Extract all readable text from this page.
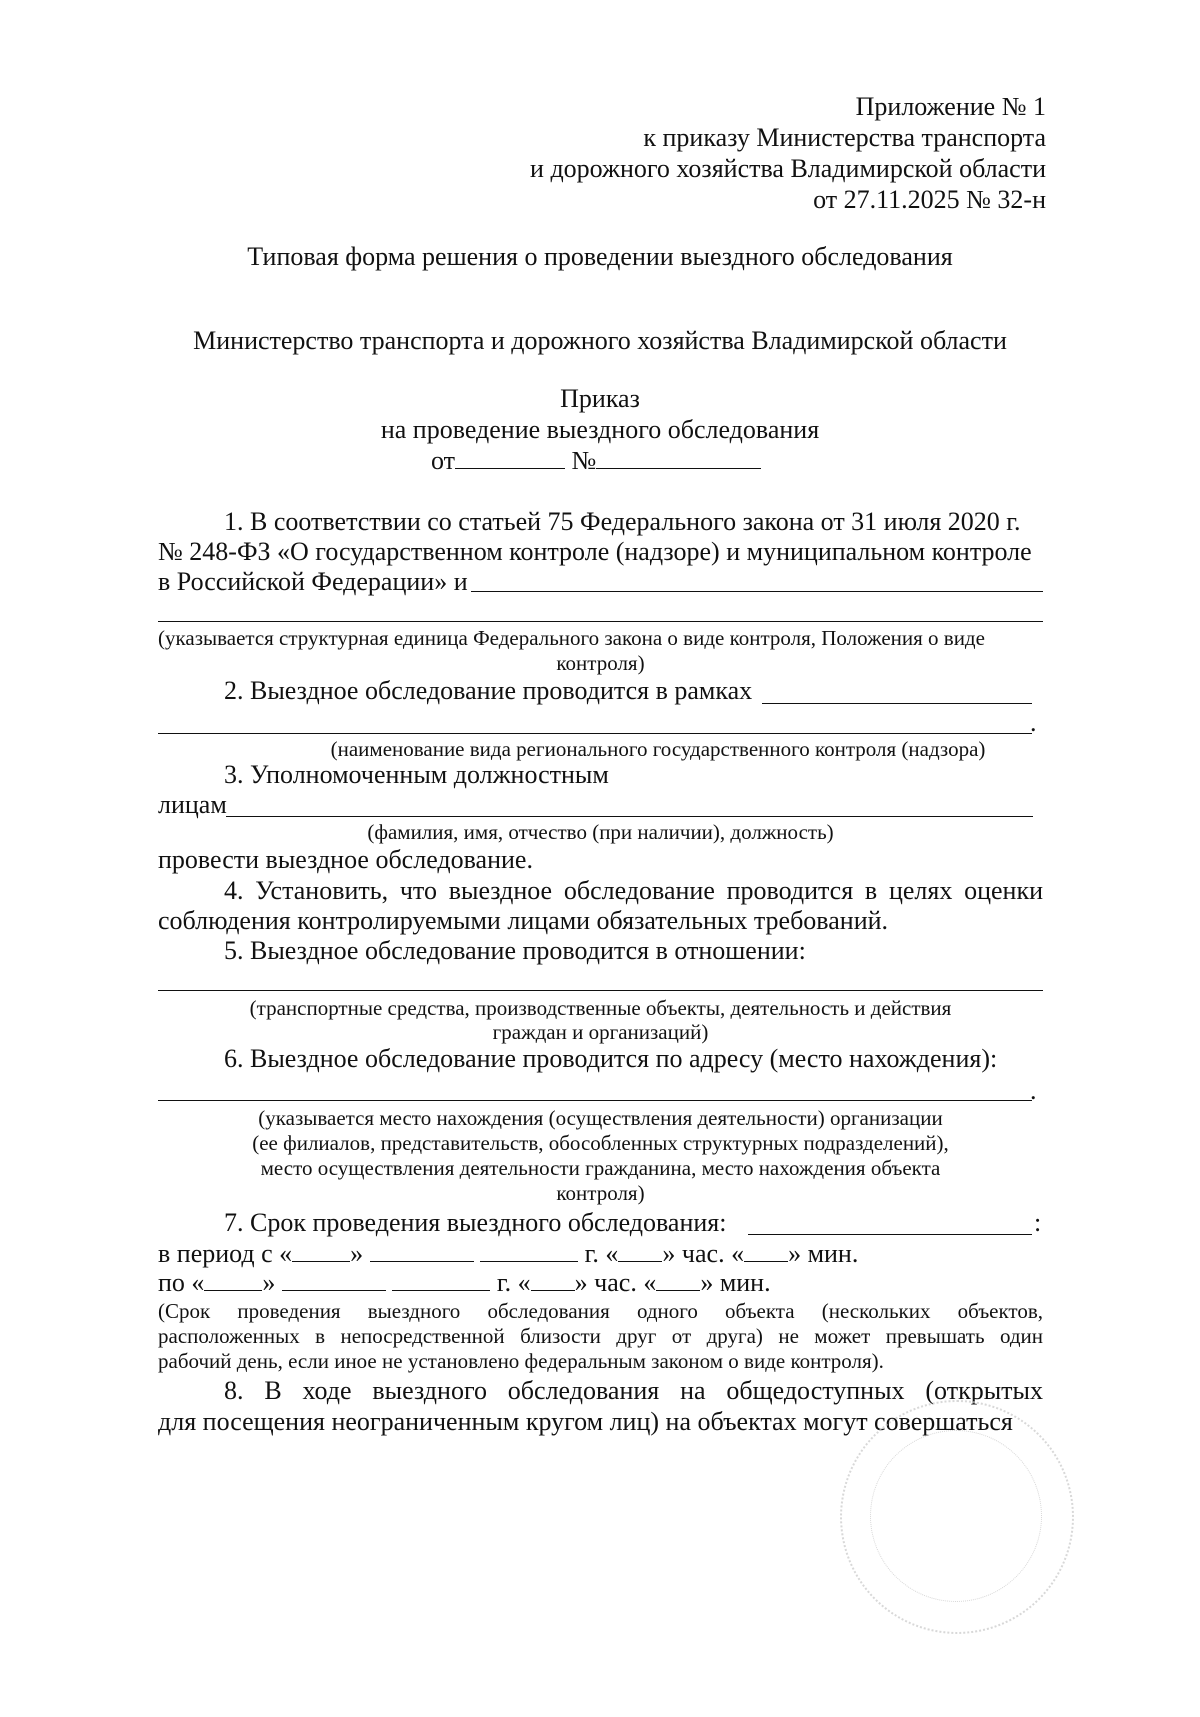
Приложение № 1
к приказу Министерства транспорта
и дорожного хозяйства Владимирской области
от 27.11.2025 № 32-н
Типовая форма решения о проведении выездного обследования
Министерство транспорта и дорожного хозяйства Владимирской области
Приказ
на проведение выездного обследования
от	№
1. В соответствии со статьей 75 Федерального закона от 31 июля 2020 г.
№ 248-ФЗ «О государственном контроле (надзоре) и муниципальном контроле
в Российской Федерации» и
(указывается структурная единица Федерального закона о виде контроля, Положения о виде
контроля)
2. Выездное обследование проводится в рамках
.
(наименование вида регионального государственного контроля (надзора)
3. Уполномоченным должностным
лицам
(фамилия, имя, отчество (при наличии), должность)
провести выездное обследование.
4. Установить, что выездное обследование проводится в целях оценки
соблюдения контролируемыми лицами обязательных требований.
5. Выездное обследование проводится в отношении:
(транспортные средства, производственные объекты, деятельность и действия
граждан и организаций)
6. Выездное обследование проводится по адресу (место нахождения):
.
(указывается место нахождения (осуществления деятельности) организации
(ее филиалов, представительств, обособленных структурных подразделений),
место осуществления деятельности гражданина, место нахождения объекта
контроля)
7. Срок проведения выездного обследования:	:
в период с « »	г. « » час. « » мин.
по « »	г. « » час. « » мин.
(Срок проведения выездного обследования одного объекта (нескольких объектов,
расположенных в непосредственной близости друг от друга) не может превышать один
рабочий день, если иное не установлено федеральным законом о виде контроля).
8. В ходе выездного обследования на общедоступных (открытых
для посещения неограниченным кругом лиц) на объектах могут совершаться
